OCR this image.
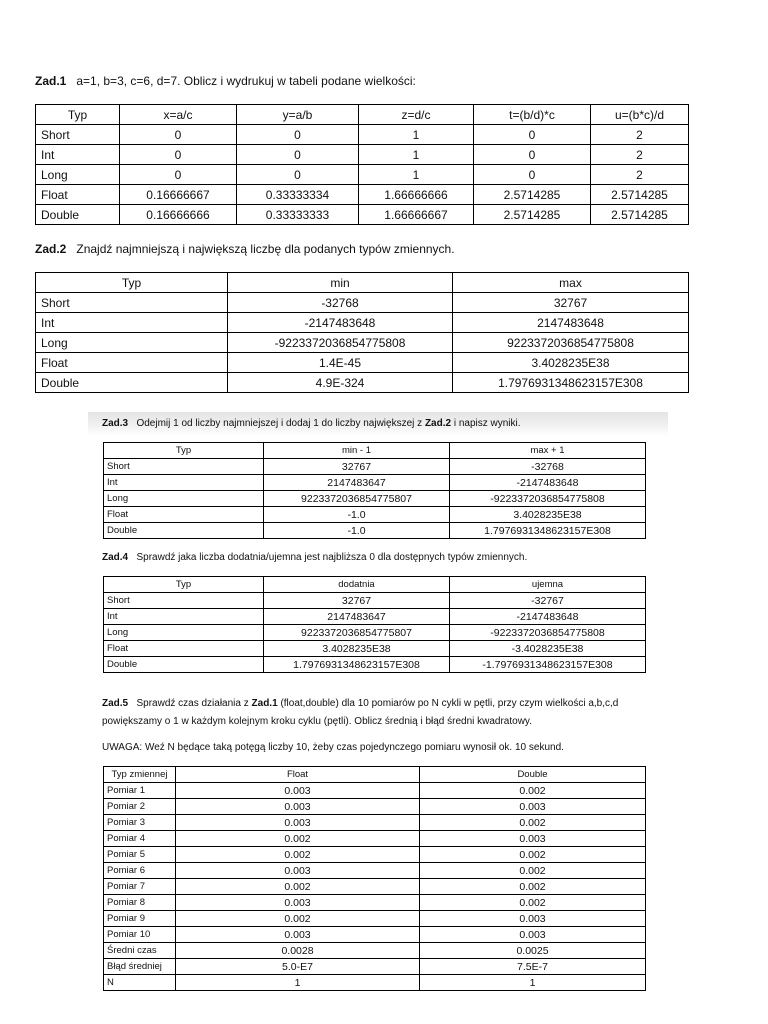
Zad.1 a=1, b=3, c=6, d=7. Oblicz i wydrukuj w tabeli podane wielkości:
Typ	x=a/c	y=a/b	z=d/c	t=(b/d)*c	u=(b*c)/d
Short	0	0	1	0	2
Int	0	0	1	0	2
Long	0	0	1	0	2
Float	0.16666667	0.33333334	1.66666666	2.5714285	2.5714285
Double	0.16666666	0.33333333	1.66666667	2.5714285	2.5714285
Zad.2 Znajdź najmniejszą i największą liczbę dla podanych typów zmiennych.
Typ	min	max
Short	-32768	32767
Int	-2147483648	2147483648
Long	-9223372036854775808	9223372036854775808
Float	1.4E-45	3.4028235E38
Double	4.9E-324	1.7976931348623157E308
Zad.3 Odejmij 1 od liczby najmniejszej i dodaj 1 do liczby największej z Zad.2 i napisz wyniki.
Typ	min - 1	max + 1
Short	32767	-32768
Int	2147483647	-2147483648
Long	9223372036854775807	-9223372036854775808
Float	-1.0	3.4028235E38
Double	-1.0	1.7976931348623157E308
Zad.4 Sprawdź jaka liczba dodatnia/ujemna jest najbliższa 0 dla dostępnych typów zmiennych.
Typ	dodatnia	ujemna
Short	32767	-32767
Int	2147483647	-2147483648
Long	9223372036854775807	-9223372036854775808
Float	3.4028235E38	-3.4028235E38
Double	1.7976931348623157E308	-1.7976931348623157E308
Zad.5 Sprawdź czas działania z Zad.1 (float,double) dla 10 pomiarów po N cykli w pętli, przy czym wielkości a,b,c,d
powiększamy o 1 w każdym kolejnym kroku cyklu (pętli). Oblicz średnią i błąd średni kwadratowy.
UWAGA: Weź N będące taką potęgą liczby 10, żeby czas pojedynczego pomiaru wynosił ok. 10 sekund.
Typ zmiennej	Float	Double
Pomiar 1	0.003	0.002
Pomiar 2	0.003	0.003
Pomiar 3	0.003	0.002
Pomiar 4	0.002	0.003
Pomiar 5	0.002	0.002
Pomiar 6	0.003	0.002
Pomiar 7	0.002	0.002
Pomiar 8	0.003	0.002
Pomiar 9	0.002	0.003
Pomiar 10	0.003	0.003
Średni czas	0.0028	0.0025
Błąd średniej	5.0-E7	7.5E-7
N	1	1
